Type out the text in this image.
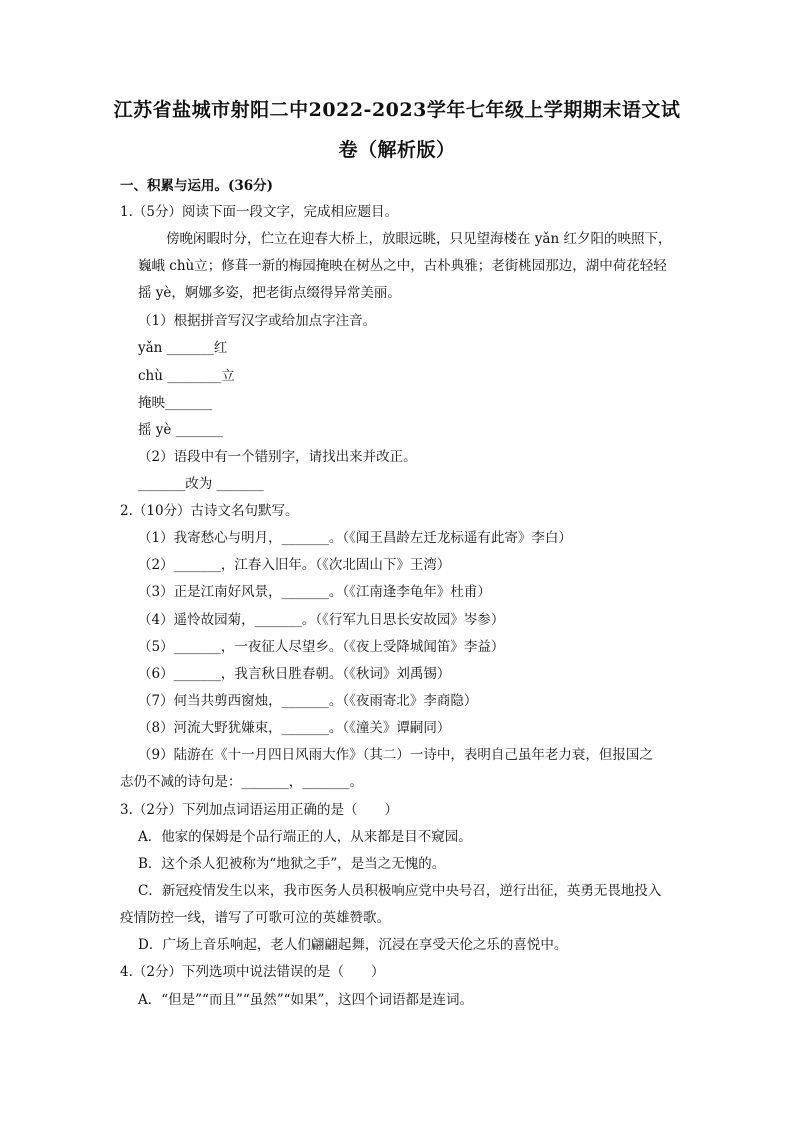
江苏省盐城市射阳二中2022-2023学年七年级上学期期末语文试卷（解析版）
一、积累与运用。(36分)
1.（5分）阅读下面一段文字，完成相应题目。
傍晚闲暇时分，伫立在迎春大桥上，放眼远眺，只见望海楼在 yǎn 红夕阳的映照下，
巍峨 chù立；修葺一新的梅园掩映在树丛之中，古朴典雅；老街桃园那边，湖中荷花轻轻
摇 yè，婀娜多姿，把老街点缀得异常美丽。
（1）根据拼音写汉字或给加点字注音。
yǎn _______红
chù ________立
掩映_______
摇 yè _______
（2）语段中有一个错别字，请找出来并改正。
_______改为 _______
2.（10分）古诗文名句默写。
（1）我寄愁心与明月，_______。（《闻王昌龄左迁龙标遥有此寄》李白）
（2）_______，江春入旧年。（《次北固山下》王湾）
（3）正是江南好风景，_______。（《江南逢李龟年》杜甫）
（4）遥怜故园菊，_______。（《行军九日思长安故园》岑参）
（5）_______，一夜征人尽望乡。（《夜上受降城闻笛》李益）
（6）_______，我言秋日胜春朝。（《秋词》刘禹锡）
（7）何当共剪西窗烛，_______。（《夜雨寄北》李商隐）
（8）河流大野犹嫌束，_______。（《潼关》谭嗣同）
（9）陆游在《十一月四日风雨大作》（其二）一诗中，表明自己虽年老力衰，但报国之
志仍不减的诗句是：_______，_______。
3.（2分）下列加点词语运用正确的是（　　）
A．他家的保姆是个品行端正的人，从来都是目不窥园。
B．这个杀人犯被称为“地狱之手”，是当之无愧的。
C．新冠疫情发生以来，我市医务人员积极响应党中央号召，逆行出征，英勇无畏地投入
疫情防控一线，谱写了可歌可泣的英雄赞歌。
D．广场上音乐响起，老人们翩翩起舞，沉浸在享受天伦之乐的喜悦中。
4.（2分）下列选项中说法错误的是（　　）
A．“但是”“而且”“虽然”“如果”，这四个词语都是连词。
